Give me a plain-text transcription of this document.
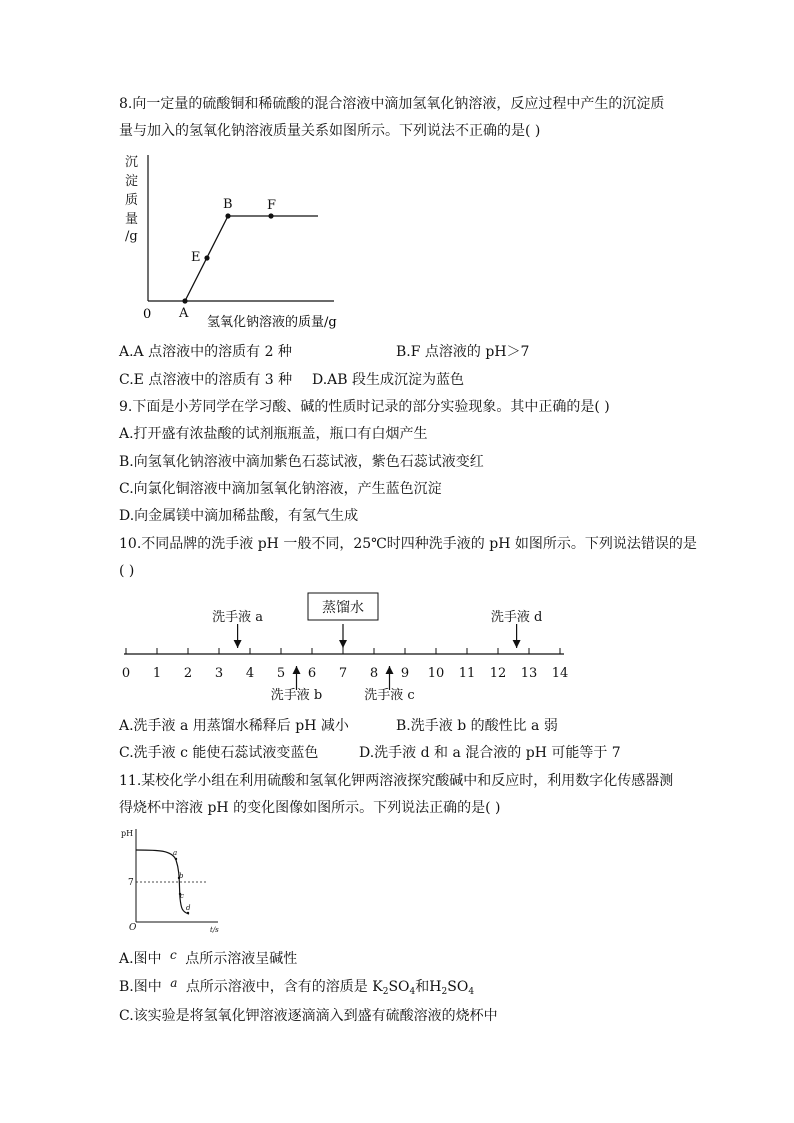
8.向一定量的硫酸铜和稀硫酸的混合溶液中滴加氢氧化钠溶液，反应过程中产生的沉淀质
量与加入的氢氧化钠溶液质量关系如图所示。下列说法不正确的是( )
沉
淀
质
量
/g
0 A
E
B	F
氢氧化钠溶液的质量/g
A.A 点溶液中的溶质有 2 种	B.F 点溶液的 pH＞7
C.E 点溶液中的溶质有 3 种 D.AB 段生成沉淀为蓝色
9.下面是小芳同学在学习酸、碱的性质时记录的部分实验现象。其中正确的是( )
A.打开盛有浓盐酸的试剂瓶瓶盖，瓶口有白烟产生
B.向氢氧化钠溶液中滴加紫色石蕊试液，紫色石蕊试液变红
C.向氯化铜溶液中滴加氢氧化钠溶液，产生蓝色沉淀
D.向金属镁中滴加稀盐酸，有氢气生成
10.不同品牌的洗手液 pH 一般不同，25℃时四种洗手液的 pH 如图所示。下列说法错误的是
( )
0 1 2 3 4 5 6 7 8 9 10 11 12 13 14
洗手液 a	洗手液 d
洗手液 b	洗手液 c
蒸馏水
A.洗手液 a 用蒸馏水稀释后 pH 减小	B.洗手液 b 的酸性比 a 弱
C.洗手液 c 能使石蕊试液变蓝色	D.洗手液 d 和 a 混合液的 pH 可能等于 7
11.某校化学小组在利用硫酸和氢氧化钾两溶液探究酸碱中和反应时，利用数字化传感器测
得烧杯中溶液 pH 的变化图像如图所示。下列说法正确的是( )
pH
7
O	t/s
a
b
c
d
A.图中 c 点所示溶液呈碱性
B.图中 a 点所示溶液中，含有的溶质是 $K_2SO_4$和$H_2SO_4$
C.该实验是将氢氧化钾溶液逐滴滴入到盛有硫酸溶液的烧杯中
